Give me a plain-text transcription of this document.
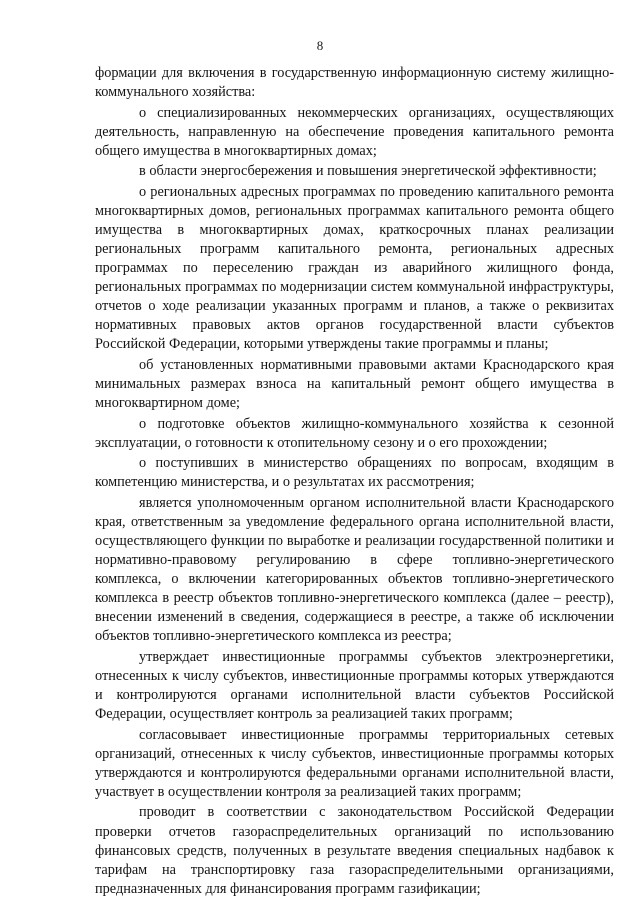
8

формации для включения в государственную информационную систему жилищно-коммунального хозяйства:

о специализированных некоммерческих организациях, осуществляющих деятельность, направленную на обеспечение проведения капитального ремонта общего имущества в многоквартирных домах;

в области энергосбережения и повышения энергетической эффективности;

о региональных адресных программах по проведению капитального ремонта многоквартирных домов, региональных программах капитального ремонта общего имущества в многоквартирных домах, краткосрочных планах реализации региональных программ капитального ремонта, региональных адресных программах по переселению граждан из аварийного жилищного фонда, региональных программах по модернизации систем коммунальной инфраструктуры, отчетов о ходе реализации указанных программ и планов, а также о реквизитах нормативных правовых актов органов государственной власти субъектов Российской Федерации, которыми утверждены такие программы и планы;

об установленных нормативными правовыми актами Краснодарского края минимальных размерах взноса на капитальный ремонт общего имущества в многоквартирном доме;

о подготовке объектов жилищно-коммунального хозяйства к сезонной эксплуатации, о готовности к отопительному сезону и о его прохождении;

о поступивших в министерство обращениях по вопросам, входящим в компетенцию министерства, и о результатах их рассмотрения;

является уполномоченным органом исполнительной власти Краснодарского края, ответственным за уведомление федерального органа исполнительной власти, осуществляющего функции по выработке и реализации государственной политики и нормативно-правовому регулированию в сфере топливно-энергетического комплекса, о включении категорированных объектов топливно-энергетического комплекса в реестр объектов топливно-энергетического комплекса (далее – реестр), внесении изменений в сведения, содержащиеся в реестре, а также об исключении объектов топливно-энергетического комплекса из реестра;

утверждает инвестиционные программы субъектов электроэнергетики, отнесенных к числу субъектов, инвестиционные программы которых утверждаются и контролируются органами исполнительной власти субъектов Российской Федерации, осуществляет контроль за реализацией таких программ;

согласовывает инвестиционные программы территориальных сетевых организаций, отнесенных к числу субъектов, инвестиционные программы которых утверждаются и контролируются федеральными органами исполнительной власти, участвует в осуществлении контроля за реализацией таких программ;

проводит в соответствии с законодательством Российской Федерации проверки отчетов газораспределительных организаций по использованию финансовых средств, полученных в результате введения специальных надбавок к тарифам на транспортировку газа газораспределительными организациями, предназначенных для финансирования программ газификации;
